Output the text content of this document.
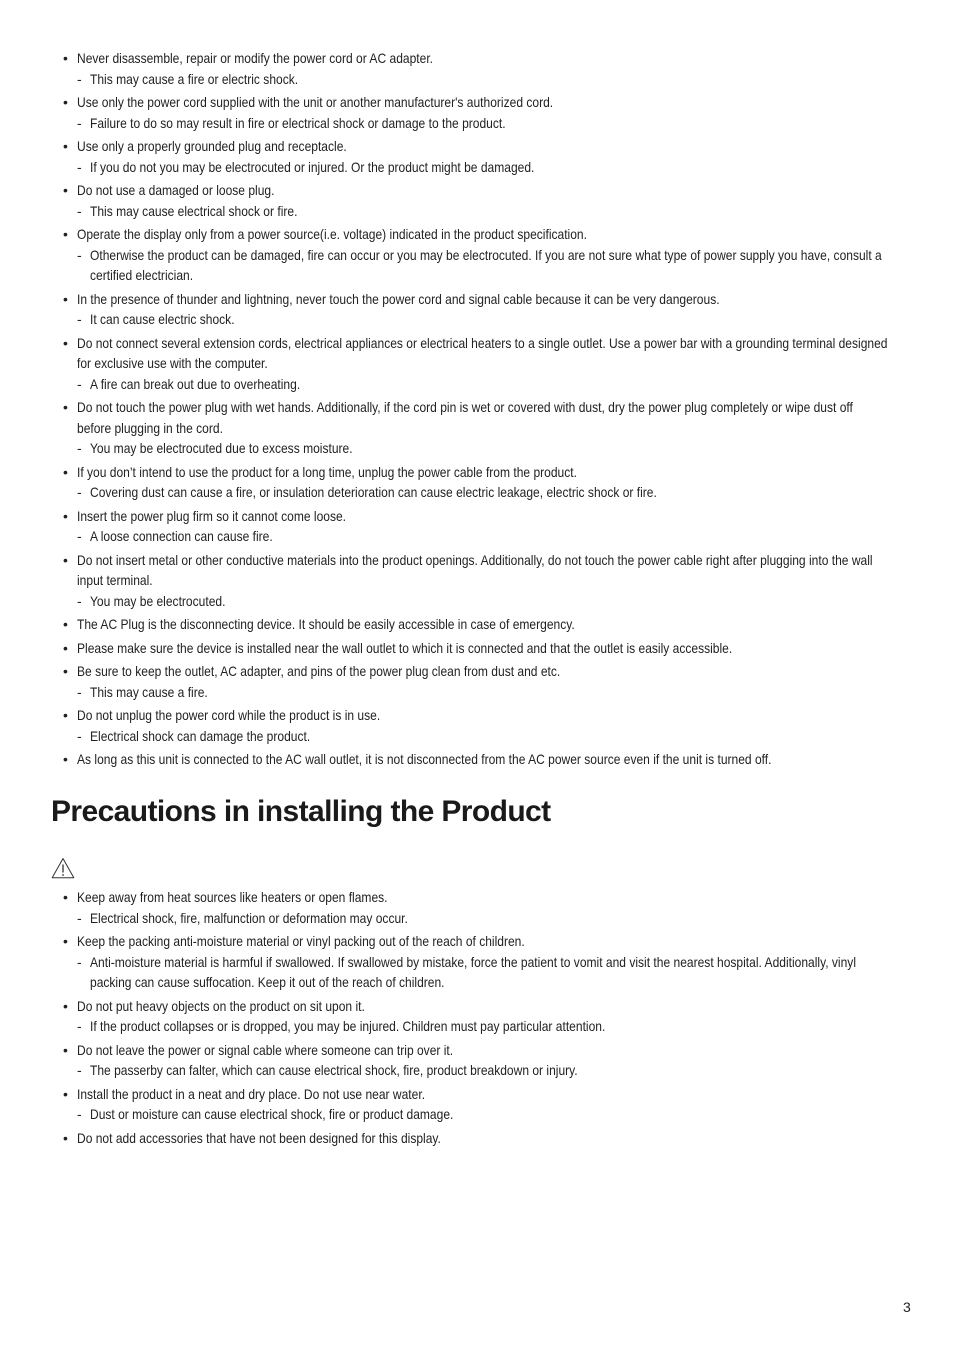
• Never disassemble, repair or modify the power cord or AC adapter.
- This may cause a fire or electric shock.
• Use only the power cord supplied with the unit or another manufacturer's authorized cord.
- Failure to do so may result in fire or electrical shock or damage to the product.
• Use only a properly grounded plug and receptacle.
- If you do not you may be electrocuted or injured. Or the product might be damaged.
• Do not use a damaged or loose plug.
- This may cause electrical shock or fire.
• Operate the display only from a power source(i.e. voltage) indicated in the product specification.
- Otherwise the product can be damaged, fire can occur or you may be electrocuted. If you are not sure what type of power supply you have, consult a certified electrician.
• In the presence of thunder and lightning, never touch the power cord and signal cable because it can be very dangerous.
- It can cause electric shock.
• Do not connect several extension cords, electrical appliances or electrical heaters to a single outlet. Use a power bar with a grounding terminal designed for exclusive use with the computer.
- A fire can break out due to overheating.
• Do not touch the power plug with wet hands. Additionally, if the cord pin is wet or covered with dust, dry the power plug completely or wipe dust off before plugging in the cord.
- You may be electrocuted due to excess moisture.
• If you don’t intend to use the product for a long time, unplug the power cable from the product.
- Covering dust can cause a fire, or insulation deterioration can cause electric leakage, electric shock or fire.
• Insert the power plug firm so it cannot come loose.
- A loose connection can cause fire.
• Do not insert metal or other conductive materials into the product openings. Additionally, do not touch the power cable right after plugging into the wall input terminal.
- You may be electrocuted.
• The AC Plug is the disconnecting device. It should be easily accessible in case of emergency.
• Please make sure the device is installed near the wall outlet to which it is connected and that the outlet is easily accessible.
• Be sure to keep the outlet, AC adapter, and pins of the power plug clean from dust and etc.
- This may cause a fire.
• Do not unplug the power cord while the product is in use.
- Electrical shock can damage the product.
• As long as this unit is connected to the AC wall outlet, it is not disconnected from the AC power source even if the unit is turned off.
Precautions in installing the Product
• Keep away from heat sources like heaters or open flames.
- Electrical shock, fire, malfunction or deformation may occur.
• Keep the packing anti-moisture material or vinyl packing out of the reach of children.
- Anti-moisture material is harmful if swallowed. If swallowed by mistake, force the patient to vomit and visit the nearest hospital. Additionally, vinyl packing can cause suffocation. Keep it out of the reach of children.
• Do not put heavy objects on the product on sit upon it.
- If the product collapses or is dropped, you may be injured. Children must pay particular attention.
• Do not leave the power or signal cable where someone can trip over it.
- The passerby can falter, which can cause electrical shock, fire, product breakdown or injury.
• Install the product in a neat and dry place. Do not use near water.
- Dust or moisture can cause electrical shock, fire or product damage.
• Do not add accessories that have not been designed for this display.
3
